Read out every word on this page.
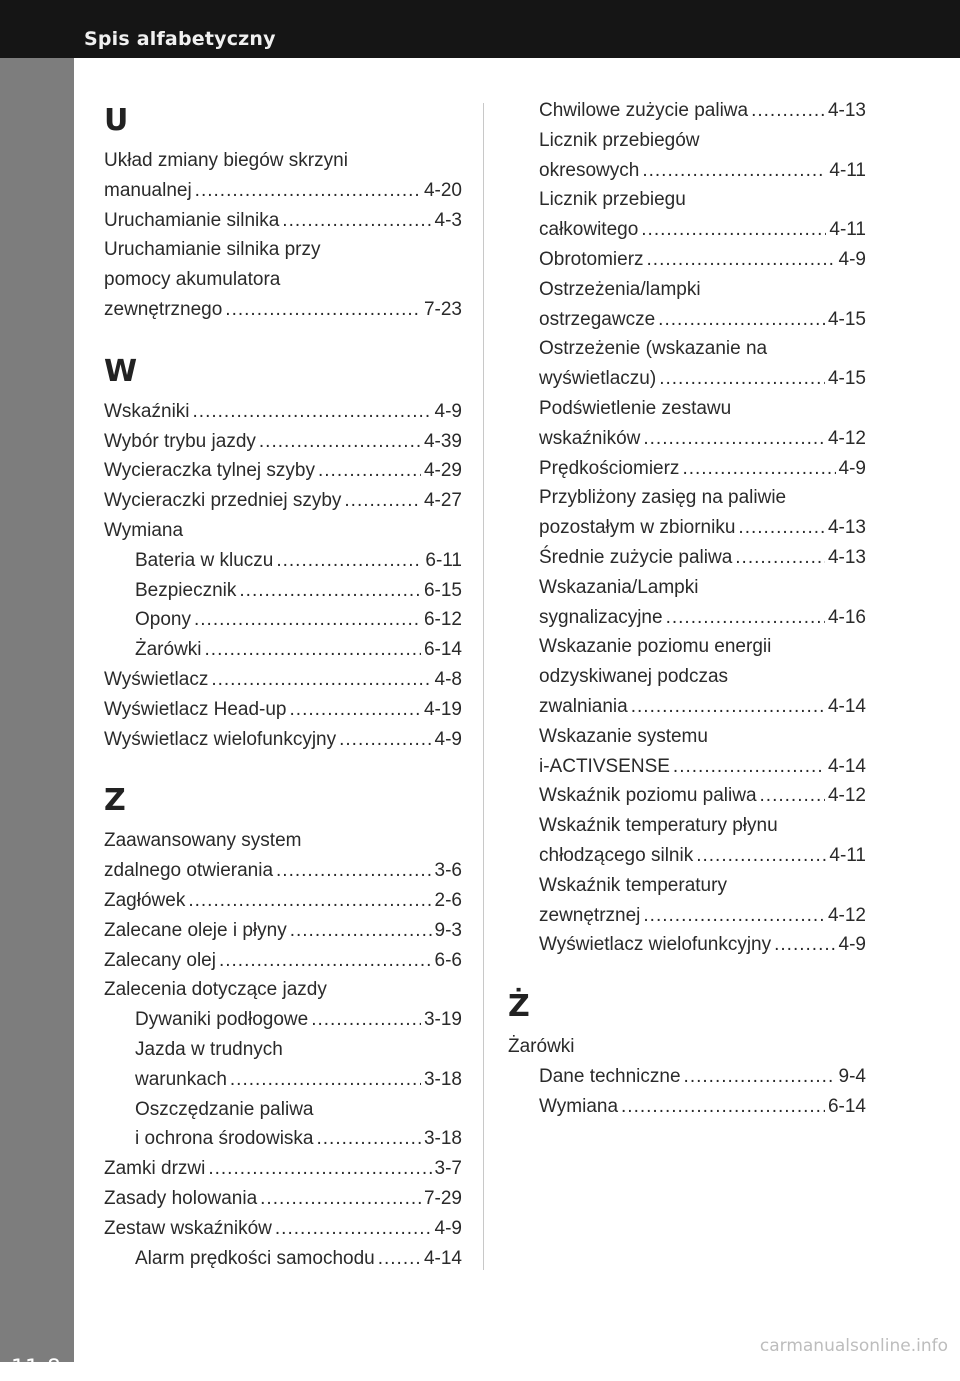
Spis alfabetyczny
11-8
U
Układ zmiany biegów skrzyni
manualnej .....	4-20
Uruchamianie silnika .....	4-3
Uruchamianie silnika przy
pomocy akumulatora
zewnętrznego .....	7-23
W
Wskaźniki .....	4-9
Wybór trybu jazdy .....	4-39
Wycieraczka tylnej szyby .....	4-29
Wycieraczki przedniej szyby .....	4-27
Wymiana
Bateria w kluczu .....	6-11
Bezpiecznik .....	6-15
Opony .....	6-12
Żarówki .....	6-14
Wyświetlacz .....	4-8
Wyświetlacz Head-up .....	4-19
Wyświetlacz wielofunkcyjny .....	4-9
Z
Zaawansowany system
zdalnego otwierania .....	3-6
Zagłówek .....	2-6
Zalecane oleje i płyny .....	9-3
Zalecany olej .....	6-6
Zalecenia dotyczące jazdy
Dywaniki podłogowe .....	3-19
Jazda w trudnych
warunkach .....	3-18
Oszczędzanie paliwa
i ochrona środowiska .....	3-18
Zamki drzwi .....	3-7
Zasady holowania .....	7-29
Zestaw wskaźników .....	4-9
Alarm prędkości samochodu .....	4-14
Chwilowe zużycie paliwa .....	4-13
Licznik przebiegów
okresowych .....	4-11
Licznik przebiegu
całkowitego .....	4-11
Obrotomierz .....	4-9
Ostrzeżenia/lampki
ostrzegawcze .....	4-15
Ostrzeżenie (wskazanie na
wyświetlaczu) .....	4-15
Podświetlenie zestawu
wskaźników .....	4-12
Prędkościomierz .....	4-9
Przybliżony zasięg na paliwie
pozostałym w zbiorniku .....	4-13
Średnie zużycie paliwa .....	4-13
Wskazania/Lampki
sygnalizacyjne .....	4-16
Wskazanie poziomu energii
odzyskiwanej podczas
zwalniania .....	4-14
Wskazanie systemu
i-ACTIVSENSE .....	4-14
Wskaźnik poziomu paliwa .....	4-12
Wskaźnik temperatury płynu
chłodzącego silnik .....	4-11
Wskaźnik temperatury
zewnętrznej .....	4-12
Wyświetlacz wielofunkcyjny .....	4-9
Ż
Żarówki
Dane techniczne .....	9-4
Wymiana .....	6-14
carmanualsonline.info
